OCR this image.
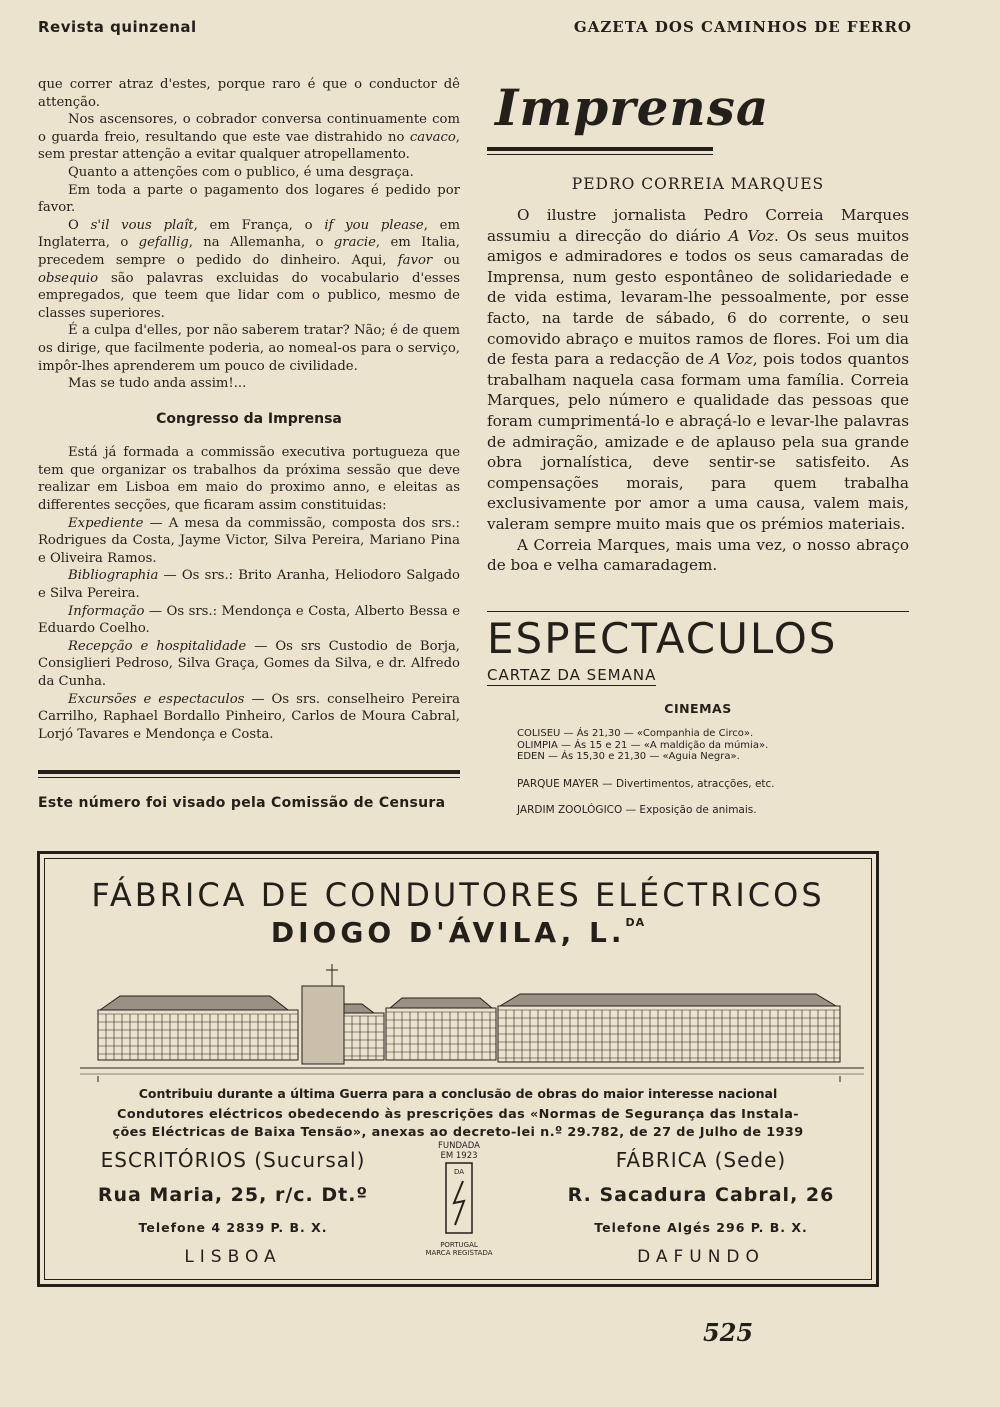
Revista quinzenal	GAZETA DOS CAMINHOS DE FERRO

que correr atraz d'estes, porque raro é que o conductor dê attenção.

Nos ascensores, o cobrador conversa continuamente com o guarda freio, resultando que este vae distrahido no cavaco, sem prestar attenção a evitar qualquer atropellamento.

Quanto a attenções com o publico, é uma desgraça.

Em toda a parte o pagamento dos logares é pedido por favor.

O s'il vous plaît, em França, o if you please, em Inglaterra, o gefallig, na Allemanha, o gracie, em Italia, precedem sempre o pedido do dinheiro. Aqui, favor ou obsequio são palavras excluidas do vocabulario d'esses empregados, que teem que lidar com o publico, mesmo de classes superiores.

É a culpa d'elles, por não saberem tratar? Não; é de quem os dirige, que facilmente poderia, ao nomeal-os para o serviço, impôr-lhes aprenderem um pouco de civilidade.

Mas se tudo anda assim!...

Congresso da Imprensa

Está já formada a commissão executiva portugueza que tem que organizar os trabalhos da próxima sessão que deve realizar em Lisboa em maio do proximo anno, e eleitas as differentes secções, que ficaram assim constituidas:

Expediente — A mesa da commissão, composta dos srs.: Rodrigues da Costa, Jayme Victor, Silva Pereira, Mariano Pina e Oliveira Ramos.

Bibliographia — Os srs.: Brito Aranha, Heliodoro Salgado e Silva Pereira.

Informação — Os srs.: Mendonça e Costa, Alberto Bessa e Eduardo Coelho.

Recepção e hospitalidade — Os srs Custodio de Borja, Consiglieri Pedroso, Silva Graça, Gomes da Silva, e dr. Alfredo da Cunha.

Excursões e espectaculos — Os srs. conselheiro Pereira Carrilho, Raphael Bordallo Pinheiro, Carlos de Moura Cabral, Lorjó Tavares e Mendonça e Costa.

Este número foi visado pela Comissão de Censura
Imprensa
PEDRO CORREIA MARQUES

O ilustre jornalista Pedro Correia Marques assumiu a direcção do diário A Voz. Os seus muitos amigos e admiradores e todos os seus camaradas de Imprensa, num gesto espontâneo de solidariedade e de vida estima, levaram-lhe pessoalmente, por esse facto, na tarde de sábado, 6 do corrente, o seu comovido abraço e muitos ramos de flores. Foi um dia de festa para a redacção de A Voz, pois todos quantos trabalham naquela casa formam uma família. Correia Marques, pelo número e qualidade das pessoas que foram cumprimentá-lo e abraçá-lo e levar-lhe palavras de admiração, amizade e de aplauso pela sua grande obra jornalística, deve sentir-se satisfeito. As compensações morais, para quem trabalha exclusivamente por amor a uma causa, valem mais, valeram sempre muito mais que os prémios materiais.

A Correia Marques, mais uma vez, o nosso abraço de boa e velha camaradagem.

ESPECTACULOS
CARTAZ DA SEMANA
CINEMAS
COLISEU — Ás 21,30 — «Companhia de Circo».
OLIMPIA — Ás 15 e 21 — «A maldição da múmia».
EDEN — Ás 15,30 e 21,30 — «Aguia Negra».
PARQUE MAYER — Divertimentos, atracções, etc.
JARDIM ZOOLÓGICO — Exposição de animais.
FÁBRICA DE CONDUTORES ELÉCTRICOS
DIOGO D'ÁVILA, L.$^{DA}$
Contribuiu durante a última Guerra para a conclusão de obras do maior interesse nacional
Condutores eléctricos obedecendo às prescrições das «Normas de Segurança das Instala-
ções Eléctricas de Baixa Tensão», anexas ao decreto-lei n.º 29.782, de 27 de Julho de 1939
ESCRITÓRIOS (Sucursal)
Rua Maria, 25, r/c. Dt.º
Telefone 4 2839 P. B. X.
LISBOA
FUNDADA
EM 1923
DA
PORTUGAL
MARCA REGISTADA
FÁBRICA (Sede)
R. Sacadura Cabral, 26
Telefone Algés 296 P. B. X.
DAFUNDO
525
